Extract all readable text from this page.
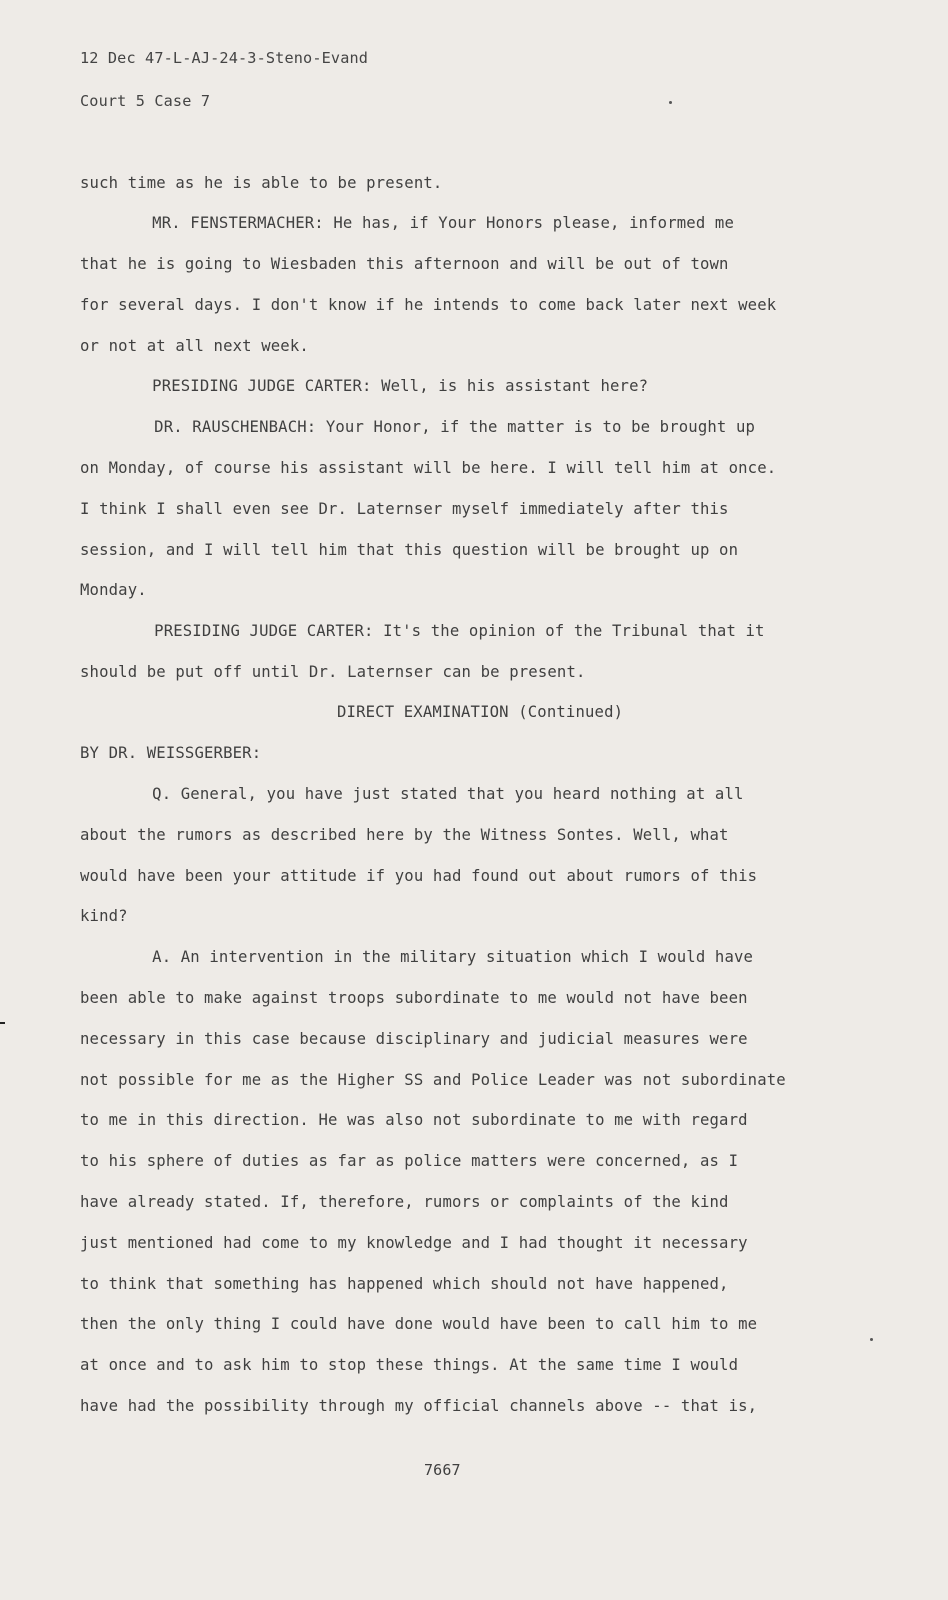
12 Dec 47-L-AJ-24-3-Steno-Evand
Court 5 Case 7
such time as he is able to be present.
MR. FENSTERMACHER: He has, if Your Honors please, informed me
that he is going to Wiesbaden this afternoon and will be out of town
for several days. I don't know if he intends to come back later next week
or not at all next week.
PRESIDING JUDGE CARTER: Well, is his assistant here?
DR. RAUSCHENBACH: Your Honor, if the matter is to be brought up
on Monday, of course his assistant will be here. I will tell him at once.
I think I shall even see Dr. Laternser myself immediately after this
session, and I will tell him that this question will be brought up on
Monday.
PRESIDING JUDGE CARTER: It's the opinion of the Tribunal that it
should be put off until Dr. Laternser can be present.
DIRECT EXAMINATION (Continued)
BY DR. WEISSGERBER:
Q. General, you have just stated that you heard nothing at all
about the rumors as described here by the Witness Sontes. Well, what
would have been your attitude if you had found out about rumors of this
kind?
A. An intervention in the military situation which I would have
been able to make against troops subordinate to me would not have been
necessary in this case because disciplinary and judicial measures were
not possible for me as the Higher SS and Police Leader was not subordinate
to me in this direction. He was also not subordinate to me with regard
to his sphere of duties as far as police matters were concerned, as I
have already stated. If, therefore, rumors or complaints of the kind
just mentioned had come to my knowledge and I had thought it necessary
to think that something has happened which should not have happened,
then the only thing I could have done would have been to call him to me
at once and to ask him to stop these things. At the same time I would
have had the possibility through my official channels above -- that is,
7667
